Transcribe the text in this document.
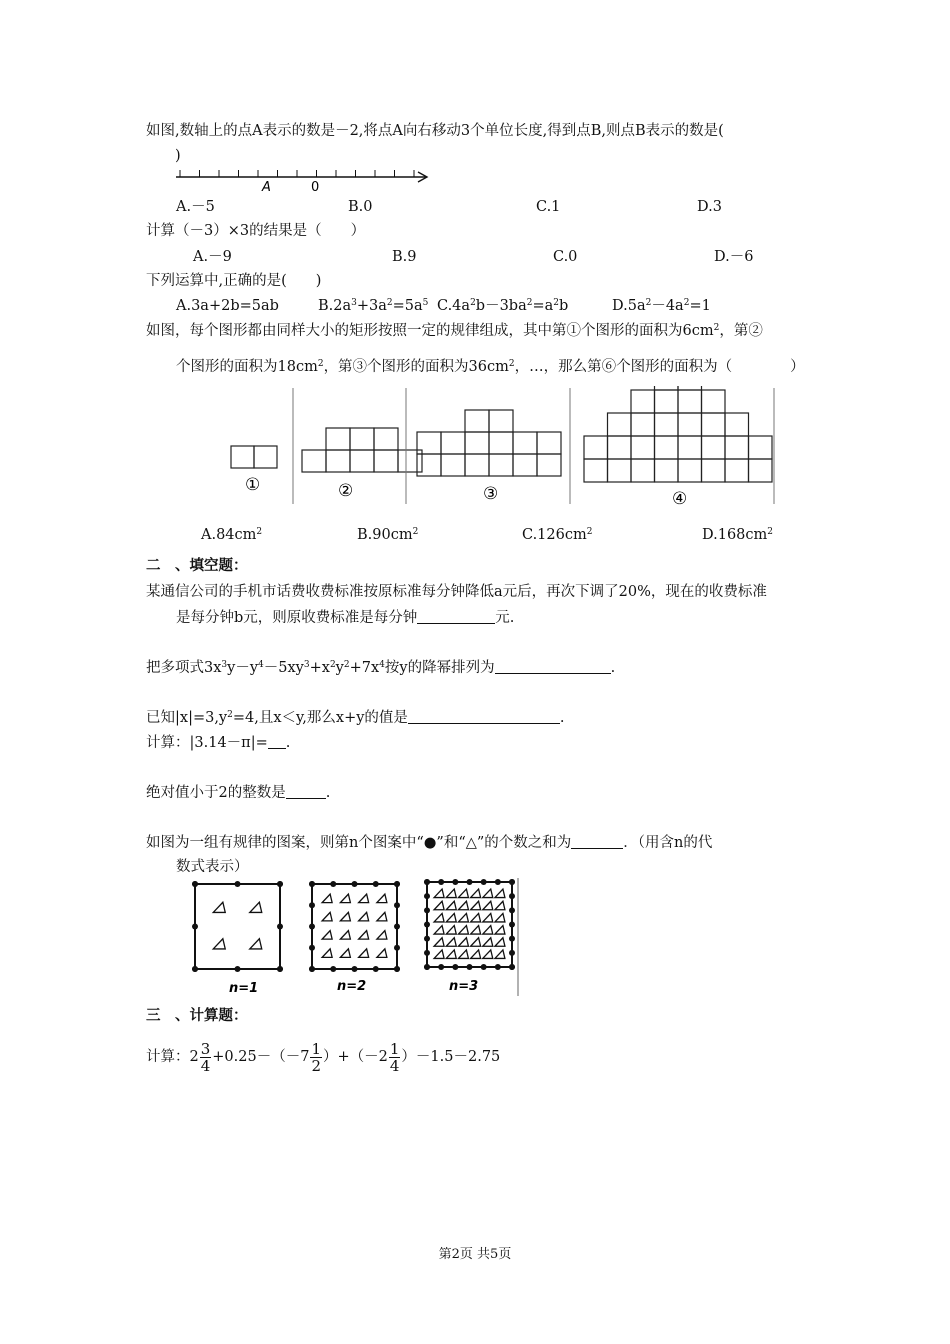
如图,数轴上的点A表示的数是－2,将点A向右移动3个单位长度,得到点B,则点B表示的数是(
)
A	0
A.－5	B.0	C.1	D.3
计算（－3）×3的结果是（　　）
A.－9	B.9	C.0	D.－6
下列运算中,正确的是(　　)
A.3a+2b=5ab	$B.2a^3+3a^2=5a^5$ $C.4a^2b-3ba^2=a^2b$	$D.5a^2-4a^2=1$
如图，每个图形都由同样大小的矩形按照一定的规律组成，其中第①个图形的面积为$6cm^2$，第②
个图形的面积为$18cm^2$，第③个图形的面积为$36cm^2$，…，那么第⑥个图形的面积为（　　　　）
①	②	③	④
$A.84cm^2$	$B.90cm^2$	$C.126cm^2$	$D.168cm^2$
二　、填空题：
某通信公司的手机市话费收费标准按原标准每分钟降低a元后，再次下调了20%，现在的收费标准
是每分钟b元，则原收费标准是每分钟	元.
把多项式$3x^3y-y^4-5xy^3+x^2y^2+7x^4$按y的降幂排列为	.
已知$|x|=3,y^2=4$,且x＜y,那么x+y的值是	.
计算：|3.14－π|= .
绝对值小于2的整数是	.
如图为一组有规律的图案，则第n个图案中“●”和“△”的个数之和为	．（用含n的代
数式表示）
n=1	n=2	n=3
三　、计算题：
计算：$2 \frac{3}{4} +0.25-(-7 \frac{1}{2} )+(-2 \frac{1}{4} )-1.5-2.75$
第2页 共5页
